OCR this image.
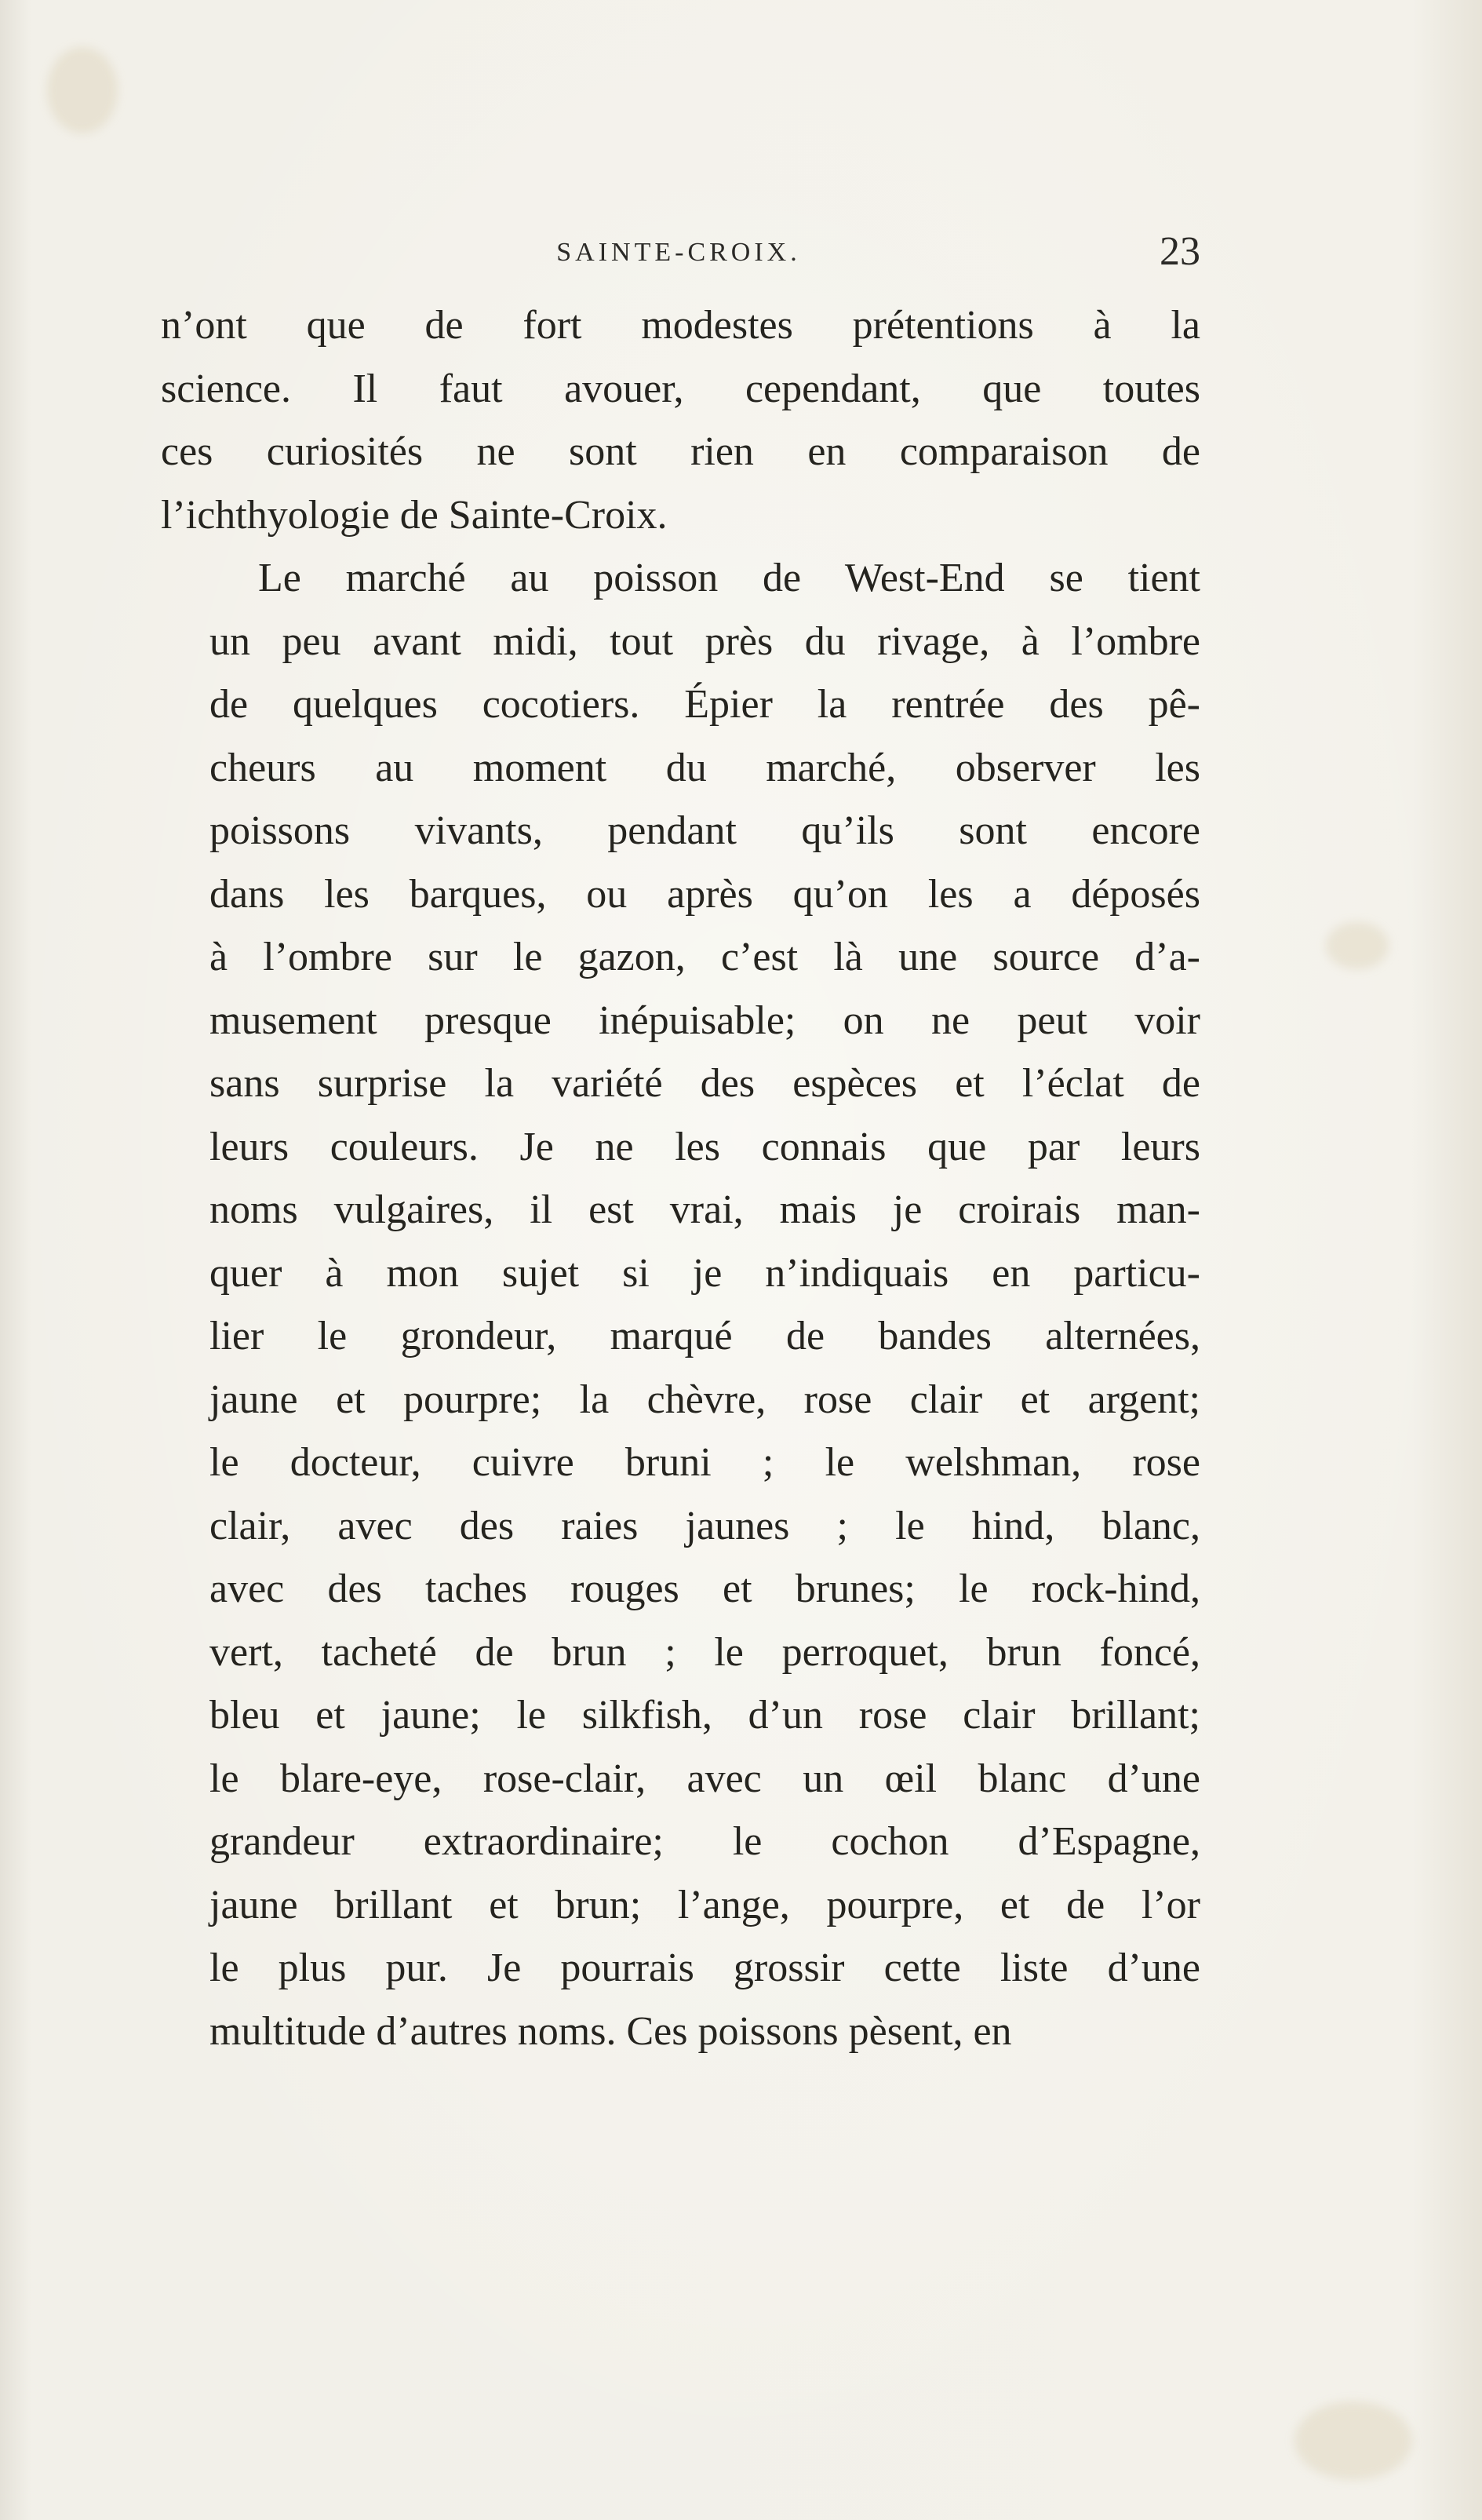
SAINTE-CROIX.	23

n’ont que de fort modestes prétentions à la
science. Il faut avouer, cependant, que toutes
ces curiosités ne sont rien en comparaison de
l’ichthyologie de Sainte-Croix.

Le marché au poisson de West-End se tient
un peu avant midi, tout près du rivage, à l’ombre
de quelques cocotiers. Épier la rentrée des pê-
cheurs au moment du marché, observer les
poissons vivants, pendant qu’ils sont encore
dans les barques, ou après qu’on les a déposés
à l’ombre sur le gazon, c’est là une source d’a-
musement presque inépuisable; on ne peut voir
sans surprise la variété des espèces et l’éclat de
leurs couleurs. Je ne les connais que par leurs
noms vulgaires, il est vrai, mais je croirais man-
quer à mon sujet si je n’indiquais en particu-
lier le grondeur, marqué de bandes alternées,
jaune et pourpre; la chèvre, rose clair et argent;
le docteur, cuivre bruni ; le welshman, rose
clair, avec des raies jaunes ; le hind, blanc,
avec des taches rouges et brunes; le rock-hind,
vert, tacheté de brun ; le perroquet, brun foncé,
bleu et jaune; le silkfish, d’un rose clair brillant;
le blare-eye, rose-clair, avec un œil blanc d’une
grandeur extraordinaire; le cochon d’Espagne,
jaune brillant et brun; l’ange, pourpre, et de l’or
le plus pur. Je pourrais grossir cette liste d’une
multitude d’autres noms. Ces poissons pèsent, en
